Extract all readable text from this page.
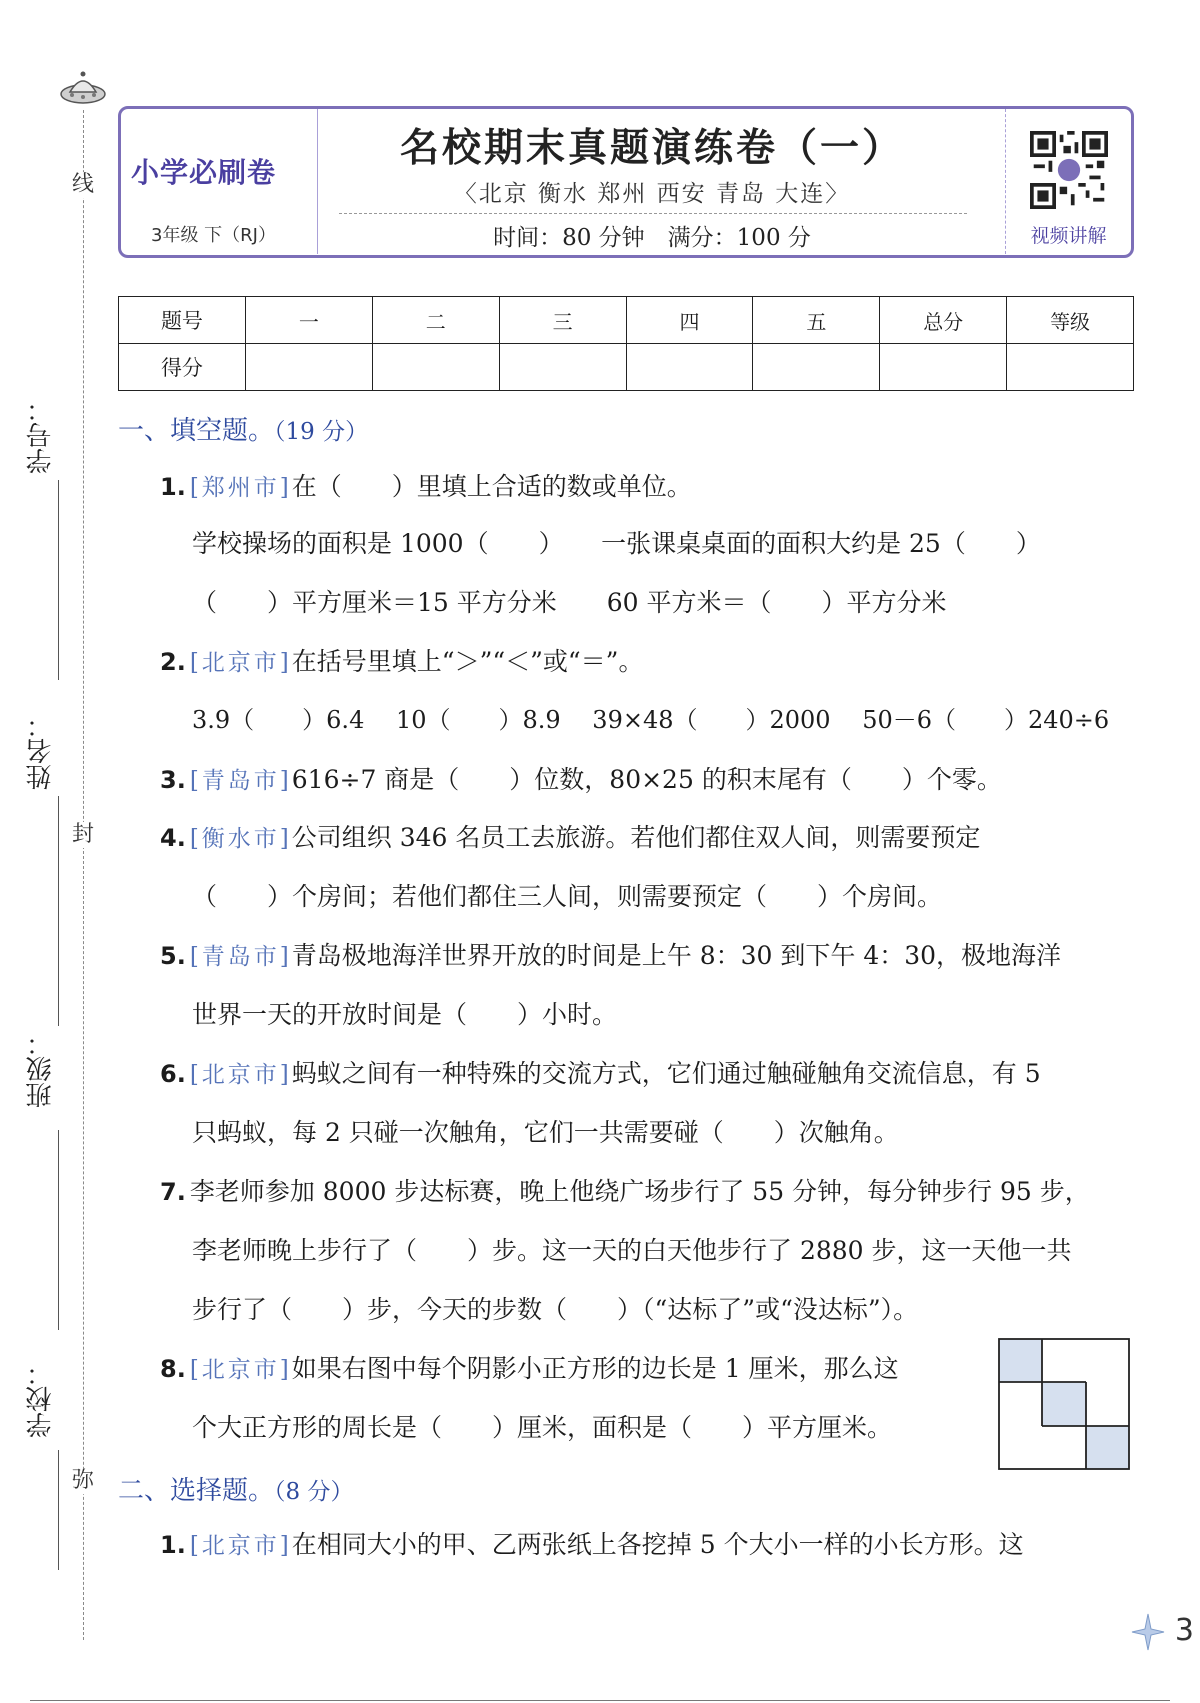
线
封
弥
学号：
姓名：
班级：
学校：
小学必刷卷
3年级 下（RJ）
名校期末真题演练卷（一）
〈北京 衡水 郑州 西安 青岛 大连〉
时间：80 分钟　满分：100 分	视频讲解
题号	一	二	三	四	五	总分	等级
得分							
一、填空题。（19 分）
1. [郑州市]在（　　）里填上合适的数或单位。
学校操场的面积是 1000（　　）　　一张课桌桌面的面积大约是 25（　　）
（　　）平方厘米＝15 平方分米　　60 平方米＝（　　）平方分米
2. [北京市]在括号里填上“＞”“＜”或“＝”。
3.9（　　）6.4　 10（　　）8.9　 39×48（　　）2000　 50－6（　　）240÷6
3. [青岛市]616÷7 商是（　　）位数，80×25 的积末尾有（　　）个零。
4. [衡水市]公司组织 346 名员工去旅游。若他们都住双人间，则需要预定
（　　）个房间；若他们都住三人间，则需要预定（　　）个房间。
5. [青岛市]青岛极地海洋世界开放的时间是上午 8：30 到下午 4：30，极地海洋
世界一天的开放时间是（　　）小时。
6. [北京市]蚂蚁之间有一种特殊的交流方式，它们通过触碰触角交流信息，有 5
只蚂蚁，每 2 只碰一次触角，它们一共需要碰（　　）次触角。
7. 李老师参加 8000 步达标赛，晚上他绕广场步行了 55 分钟，每分钟步行 95 步，
李老师晚上步行了（　　）步。这一天的白天他步行了 2880 步，这一天他一共
步行了（　　）步，今天的步数（　　）（“达标了”或“没达标”）。
8. [北京市]如果右图中每个阴影小正方形的边长是 1 厘米，那么这
个大正方形的周长是（　　）厘米，面积是（　　）平方厘米。
二、选择题。（8 分）
1. [北京市]在相同大小的甲、乙两张纸上各挖掉 5 个大小一样的小长方形。这
3
